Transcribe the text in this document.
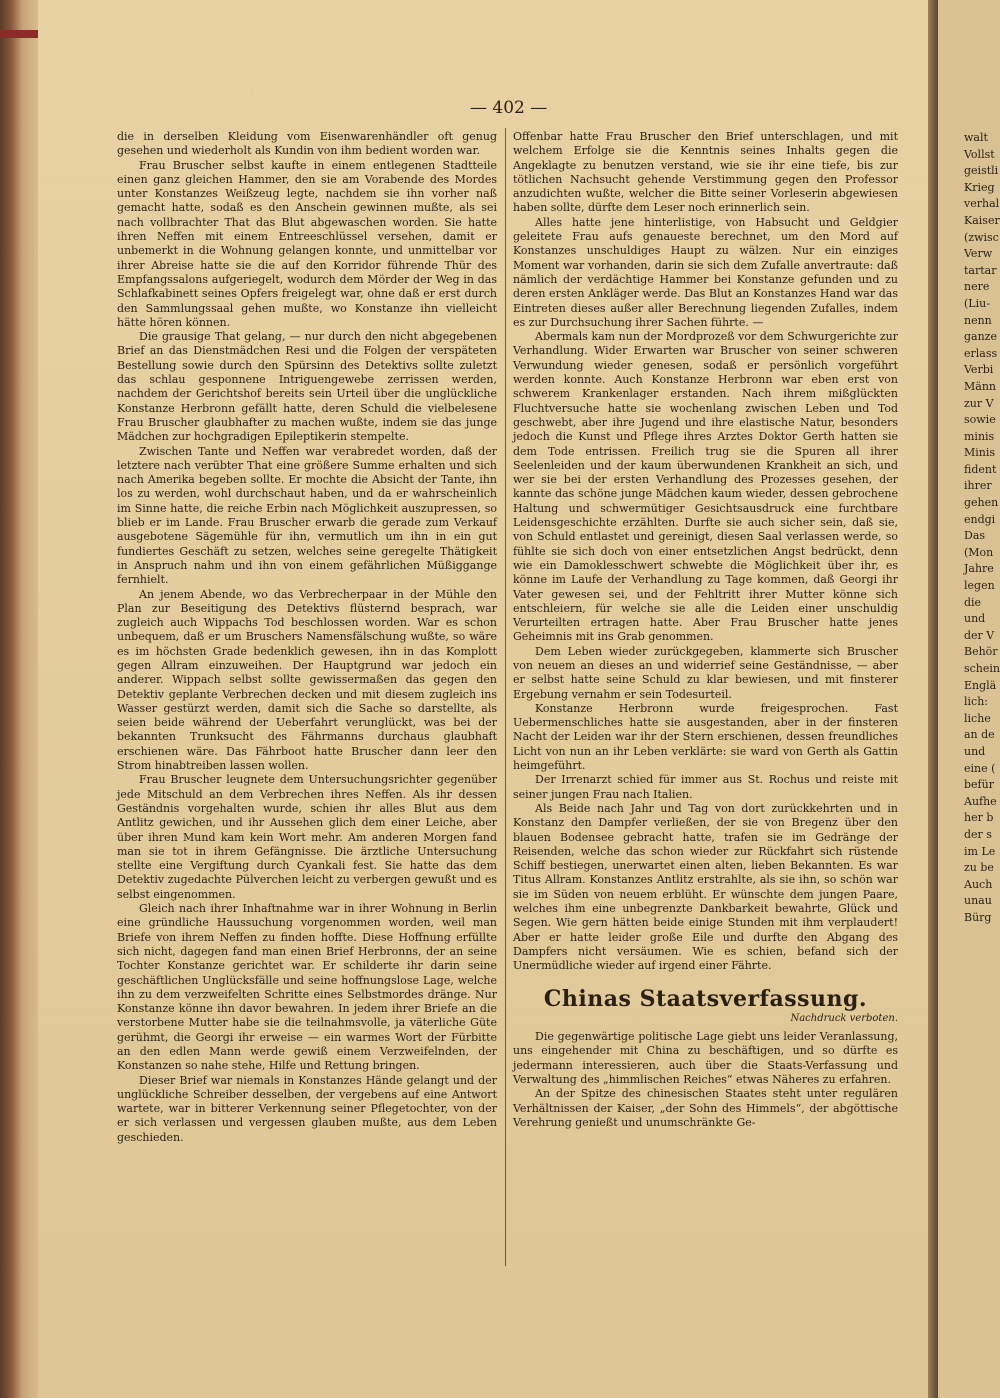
— 402 —

die in derselben Kleidung vom Eisenwarenhändler oft genug gesehen und wiederholt als Kundin von ihm bedient worden war.

Frau Bruscher selbst kaufte in einem entlegenen Stadtteile einen ganz gleichen Hammer, den sie am Vorabende des Mordes unter Konstanzes Weißzeug legte, nachdem sie ihn vorher naß gemacht hatte, sodaß es den Anschein gewinnen mußte, als sei nach vollbrachter That das Blut abgewaschen worden. Sie hatte ihren Neffen mit einem Entreeschlüssel versehen, damit er unbemerkt in die Wohnung gelangen konnte, und unmittelbar vor ihrer Abreise hatte sie die auf den Korridor führende Thür des Empfangssalons aufgeriegelt, wodurch dem Mörder der Weg in das Schlafkabinett seines Opfers freigelegt war, ohne daß er erst durch den Sammlungssaal gehen mußte, wo Konstanze ihn vielleicht hätte hören können.

Die grausige That gelang, — nur durch den nicht abgegebenen Brief an das Dienstmädchen Resi und die Folgen der verspäteten Bestellung sowie durch den Spürsinn des Detektivs sollte zuletzt das schlau gesponnene Intriguengewebe zerrissen werden, nachdem der Gerichtshof bereits sein Urteil über die unglückliche Konstanze Herbronn gefällt hatte, deren Schuld die vielbelesene Frau Bruscher glaubhafter zu machen wußte, indem sie das junge Mädchen zur hochgradigen Epileptikerin stempelte.

Zwischen Tante und Neffen war verabredet worden, daß der letztere nach verübter That eine größere Summe erhalten und sich nach Amerika begeben sollte. Er mochte die Absicht der Tante, ihn los zu werden, wohl durchschaut haben, und da er wahrscheinlich im Sinne hatte, die reiche Erbin nach Möglichkeit auszupressen, so blieb er im Lande. Frau Bruscher erwarb die gerade zum Verkauf ausgebotene Sägemühle für ihn, vermutlich um ihn in ein gut fundiertes Geschäft zu setzen, welches seine geregelte Thätigkeit in Anspruch nahm und ihn von einem gefährlichen Müßiggange fernhielt.

An jenem Abende, wo das Verbrecherpaar in der Mühle den Plan zur Beseitigung des Detektivs flüsternd besprach, war zugleich auch Wippachs Tod beschlossen worden. War es schon unbequem, daß er um Bruschers Namensfälschung wußte, so wäre es im höchsten Grade bedenklich gewesen, ihn in das Komplott gegen Allram einzuweihen. Der Hauptgrund war jedoch ein anderer. Wippach selbst sollte gewissermaßen das gegen den Detektiv geplante Verbrechen decken und mit diesem zugleich ins Wasser gestürzt werden, damit sich die Sache so darstellte, als seien beide während der Ueberfahrt verunglückt, was bei der bekannten Trunksucht des Fährmanns durchaus glaubhaft erschienen wäre. Das Fährboot hatte Bruscher dann leer den Strom hinabtreiben lassen wollen.

Frau Bruscher leugnete dem Untersuchungsrichter gegenüber jede Mitschuld an dem Verbrechen ihres Neffen. Als ihr dessen Geständnis vorgehalten wurde, schien ihr alles Blut aus dem Antlitz gewichen, und ihr Aussehen glich dem einer Leiche, aber über ihren Mund kam kein Wort mehr. Am anderen Morgen fand man sie tot in ihrem Gefängnisse. Die ärztliche Untersuchung stellte eine Vergiftung durch Cyankali fest. Sie hatte das dem Detektiv zugedachte Pülverchen leicht zu verbergen gewußt und es selbst eingenommen.

Gleich nach ihrer Inhaftnahme war in ihrer Wohnung in Berlin eine gründliche Haussuchung vorgenommen worden, weil man Briefe von ihrem Neffen zu finden hoffte. Diese Hoffnung erfüllte sich nicht, dagegen fand man einen Brief Herbronns, der an seine Tochter Konstanze gerichtet war. Er schilderte ihr darin seine geschäftlichen Unglücksfälle und seine hoffnungslose Lage, welche ihn zu dem verzweifelten Schritte eines Selbstmordes dränge. Nur Konstanze könne ihn davor bewahren. In jedem ihrer Briefe an die verstorbene Mutter habe sie die teilnahmsvolle, ja väterliche Güte gerühmt, die Georgi ihr erweise — ein warmes Wort der Fürbitte an den edlen Mann werde gewiß einem Verzweifelnden, der Konstanzen so nahe stehe, Hilfe und Rettung bringen.

Dieser Brief war niemals in Konstanzes Hände gelangt und der unglückliche Schreiber desselben, der vergebens auf eine Antwort wartete, war in bitterer Verkennung seiner Pflegetochter, von der er sich verlassen und vergessen glauben mußte, aus dem Leben geschieden.

Offenbar hatte Frau Bruscher den Brief unterschlagen, und mit welchem Erfolge sie die Kenntnis seines Inhalts gegen die Angeklagte zu benutzen verstand, wie sie ihr eine tiefe, bis zur tötlichen Nachsucht gehende Verstimmung gegen den Professor anzudichten wußte, welcher die Bitte seiner Vorleserin abgewiesen haben sollte, dürfte dem Leser noch erinnerlich sein.

Alles hatte jene hinterlistige, von Habsucht und Geldgier geleitete Frau aufs genaueste berechnet, um den Mord auf Konstanzes unschuldiges Haupt zu wälzen. Nur ein einziges Moment war vorhanden, darin sie sich dem Zufalle anvertraute: daß nämlich der verdächtige Hammer bei Konstanze gefunden und zu deren ersten Ankläger werde. Das Blut an Konstanzes Hand war das Eintreten dieses außer aller Berechnung liegenden Zufalles, indem es zur Durchsuchung ihrer Sachen führte. —

Abermals kam nun der Mordprozeß vor dem Schwurgerichte zur Verhandlung. Wider Erwarten war Bruscher von seiner schweren Verwundung wieder genesen, sodaß er persönlich vorgeführt werden konnte. Auch Konstanze Herbronn war eben erst von schwerem Krankenlager erstanden. Nach ihrem mißglückten Fluchtversuche hatte sie wochenlang zwischen Leben und Tod geschwebt, aber ihre Jugend und ihre elastische Natur, besonders jedoch die Kunst und Pflege ihres Arztes Doktor Gerth hatten sie dem Tode entrissen. Freilich trug sie die Spuren all ihrer Seelenleiden und der kaum überwundenen Krankheit an sich, und wer sie bei der ersten Verhandlung des Prozesses gesehen, der kannte das schöne junge Mädchen kaum wieder, dessen gebrochene Haltung und schwermütiger Gesichtsausdruck eine furchtbare Leidensgeschichte erzählten. Durfte sie auch sicher sein, daß sie, von Schuld entlastet und gereinigt, diesen Saal verlassen werde, so fühlte sie sich doch von einer entsetzlichen Angst bedrückt, denn wie ein Damoklesschwert schwebte die Möglichkeit über ihr, es könne im Laufe der Verhandlung zu Tage kommen, daß Georgi ihr Vater gewesen sei, und der Fehltritt ihrer Mutter könne sich entschleiern, für welche sie alle die Leiden einer unschuldig Verurteilten ertragen hatte. Aber Frau Bruscher hatte jenes Geheimnis mit ins Grab genommen.

Dem Leben wieder zurückgegeben, klammerte sich Bruscher von neuem an dieses an und widerrief seine Geständnisse, — aber er selbst hatte seine Schuld zu klar bewiesen, und mit finsterer Ergebung vernahm er sein Todesurteil.

Konstanze Herbronn wurde freigesprochen. Fast Uebermenschliches hatte sie ausgestanden, aber in der finsteren Nacht der Leiden war ihr der Stern erschienen, dessen freundliches Licht von nun an ihr Leben verklärte: sie ward von Gerth als Gattin heimgeführt.

Der Irrenarzt schied für immer aus St. Rochus und reiste mit seiner jungen Frau nach Italien.

Als Beide nach Jahr und Tag von dort zurückkehrten und in Konstanz den Dampfer verließen, der sie von Bregenz über den blauen Bodensee gebracht hatte, trafen sie im Gedränge der Reisenden, welche das schon wieder zur Rückfahrt sich rüstende Schiff bestiegen, unerwartet einen alten, lieben Bekannten. Es war Titus Allram. Konstanzes Antlitz erstrahlte, als sie ihn, so schön war sie im Süden von neuem erblüht. Er wünschte dem jungen Paare, welches ihm eine unbegrenzte Dankbarkeit bewahrte, Glück und Segen. Wie gern hätten beide einige Stunden mit ihm verplaudert! Aber er hatte leider große Eile und durfte den Abgang des Dampfers nicht versäumen. Wie es schien, befand sich der Unermüdliche wieder auf irgend einer Fährte.

Chinas Staatsverfassung.
Nachdruck verboten.

Die gegenwärtige politische Lage giebt uns leider Veranlassung, uns eingehender mit China zu beschäftigen, und so dürfte es jedermann interessieren, auch über die Staats-Verfassung und Verwaltung des „himmlischen Reiches“ etwas Näheres zu erfahren.

An der Spitze des chinesischen Staates steht unter regulären Verhältnissen der Kaiser, „der Sohn des Himmels“, der abgöttische Verehrung genießt und unumschränkte Ge-

walt
Vollst
geistli
Krieg
verhal
Kaiser
(zwisc
Verw
tartar
nere
(Liu-
nenn
ganze
erlass
Verbi
Männ
zur V
sowie
minis
Minis
fident
ihrer
gehen
endgi
Das
(Mon
Jahre
legen
die
und
der V
Behör
schein
Englä
lich:
liche
an de
und
eine (
befür
Aufhe
her b
der s
im Le
zu be
Auch
unau
Bürg
